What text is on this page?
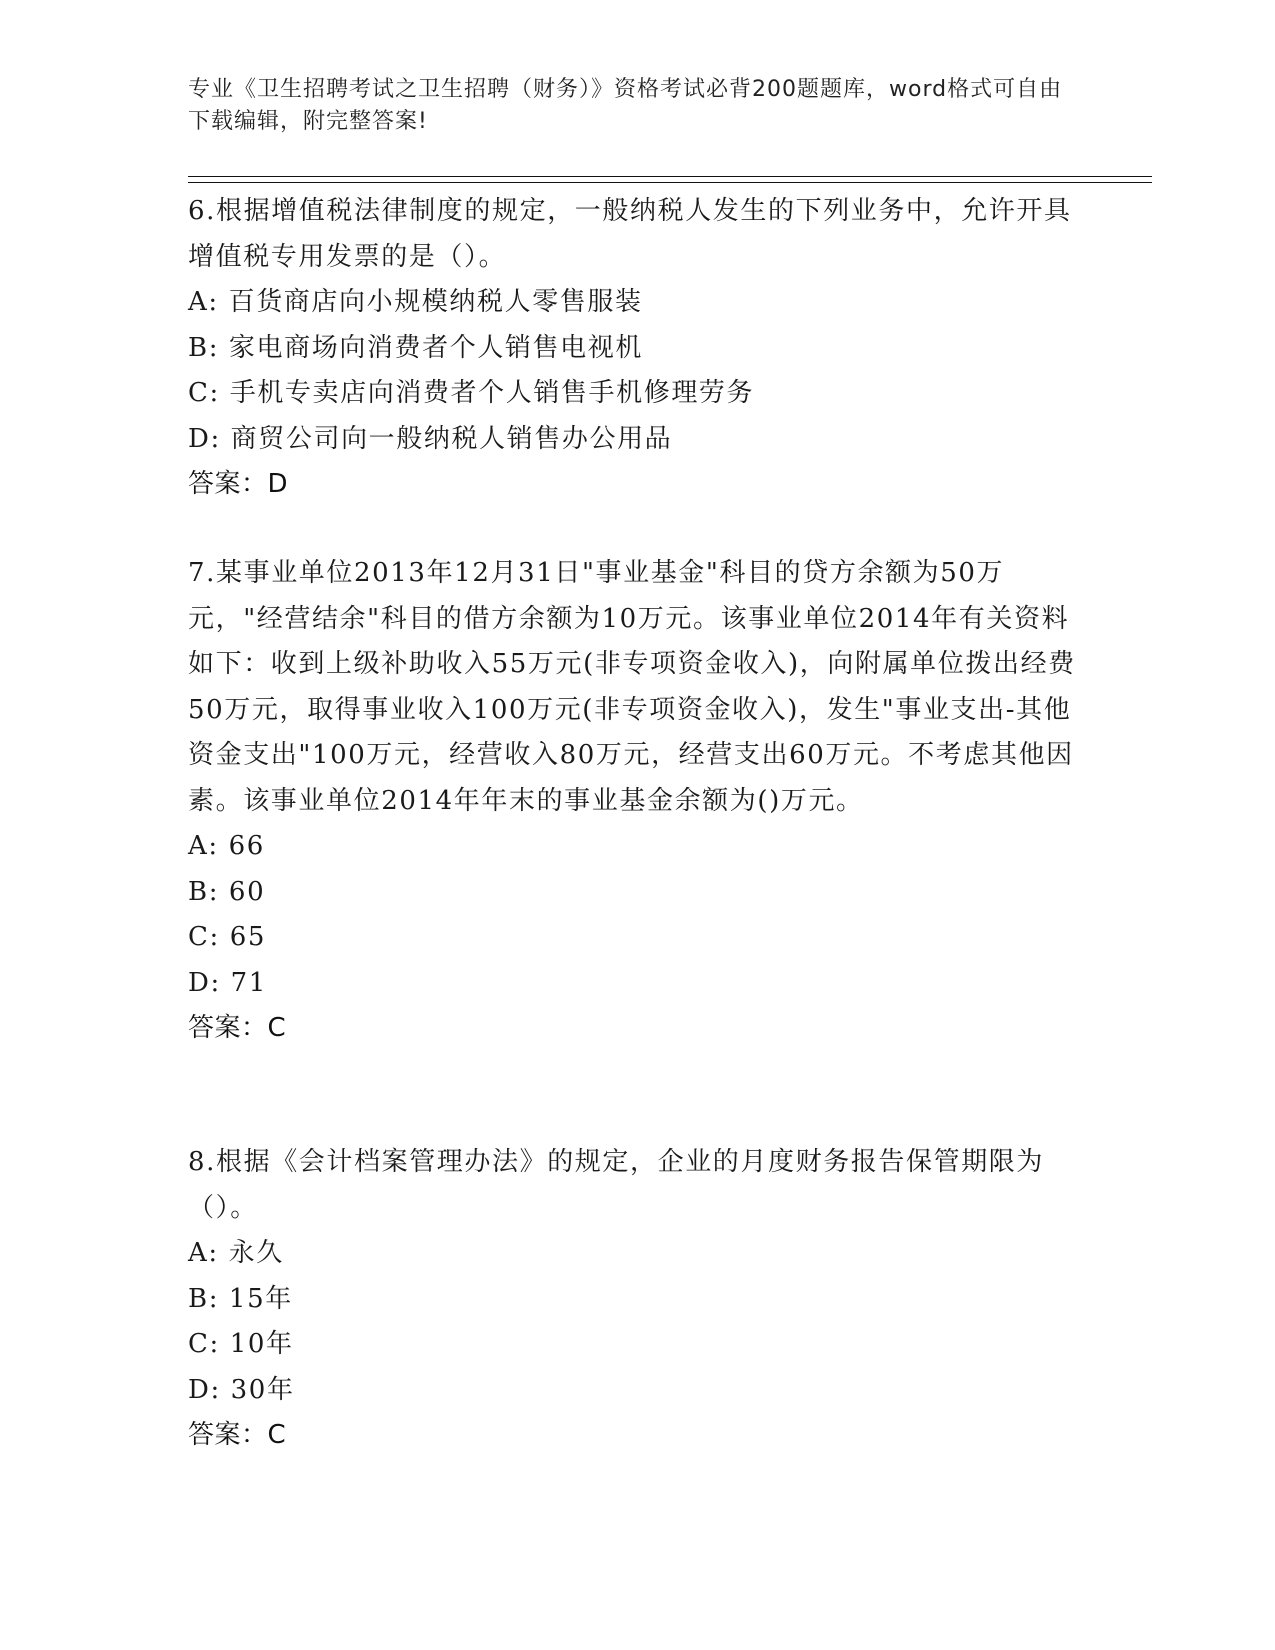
专业《卫生招聘考试之卫生招聘（财务）》资格考试必背200题题库，word格式可自由下载编辑，附完整答案!

6.根据增值税法律制度的规定，一般纳税人发生的下列业务中，允许开具增值税专用发票的是（）。

A: 百货商店向小规模纳税人零售服装

B: 家电商场向消费者个人销售电视机

C: 手机专卖店向消费者个人销售手机修理劳务

D: 商贸公司向一般纳税人销售办公用品

答案：D

7.某事业单位2013年12月31日"事业基金"科目的贷方余额为50万元，"经营结余"科目的借方余额为10万元。该事业单位2014年有关资料如下：收到上级补助收入55万元(非专项资金收入)，向附属单位拨出经费50万元，取得事业收入100万元(非专项资金收入)，发生"事业支出-其他资金支出"100万元，经营收入80万元，经营支出60万元。不考虑其他因素。该事业单位2014年年末的事业基金余额为()万元。

A: 66

B: 60

C: 65

D: 71

答案：C

8.根据《会计档案管理办法》的规定，企业的月度财务报告保管期限为（）。

A: 永久

B: 15年

C: 10年

D: 30年

答案：C
